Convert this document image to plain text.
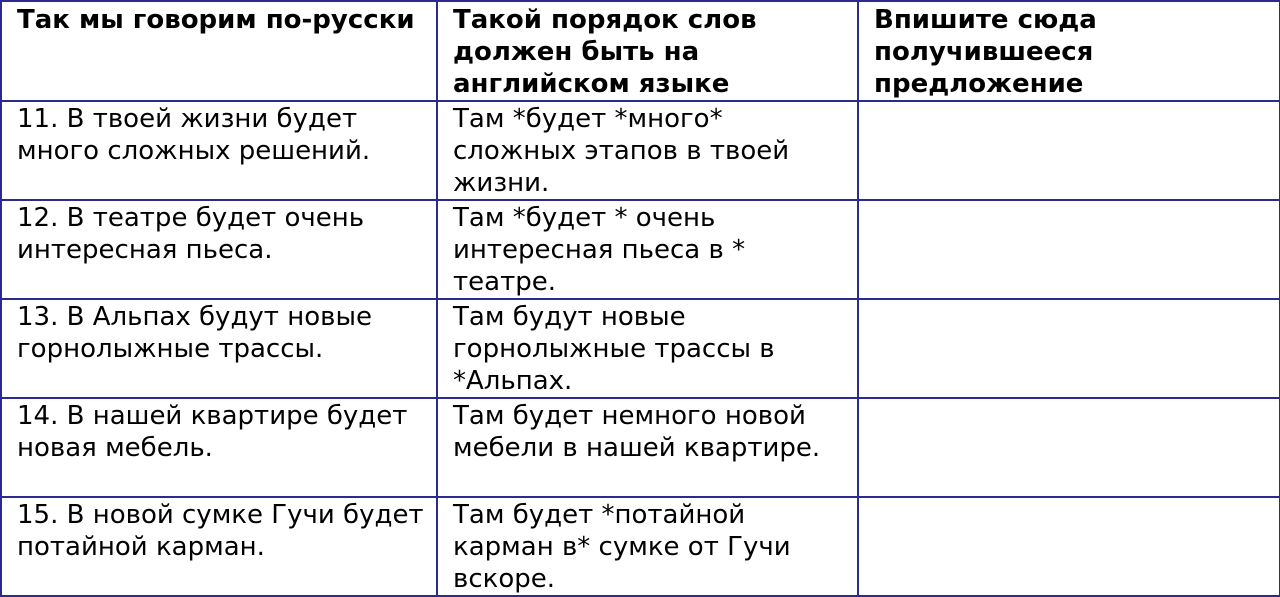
Так мы говорим по-русски	Такой порядок слов должен быть на английском языке	Впишите сюда получившееся предложение
11. В твоей жизни будет много сложных решений.	Там *будет *много* сложных этапов в твоей жизни.	
12. В театре будет очень интересная пьеса.	Там *будет * очень интересная пьеса в * театре.	
13. В Альпах будут новые горнолыжные трассы.	Там будут новые горнолыжные трассы в *Альпах.	
14. В нашей квартире будет новая мебель.	Там будет немного новой мебели в нашей квартире.	
15. В новой сумке Гучи будет потайной карман.	Там будет *потайной карман в* сумке от Гучи вскоре.	
